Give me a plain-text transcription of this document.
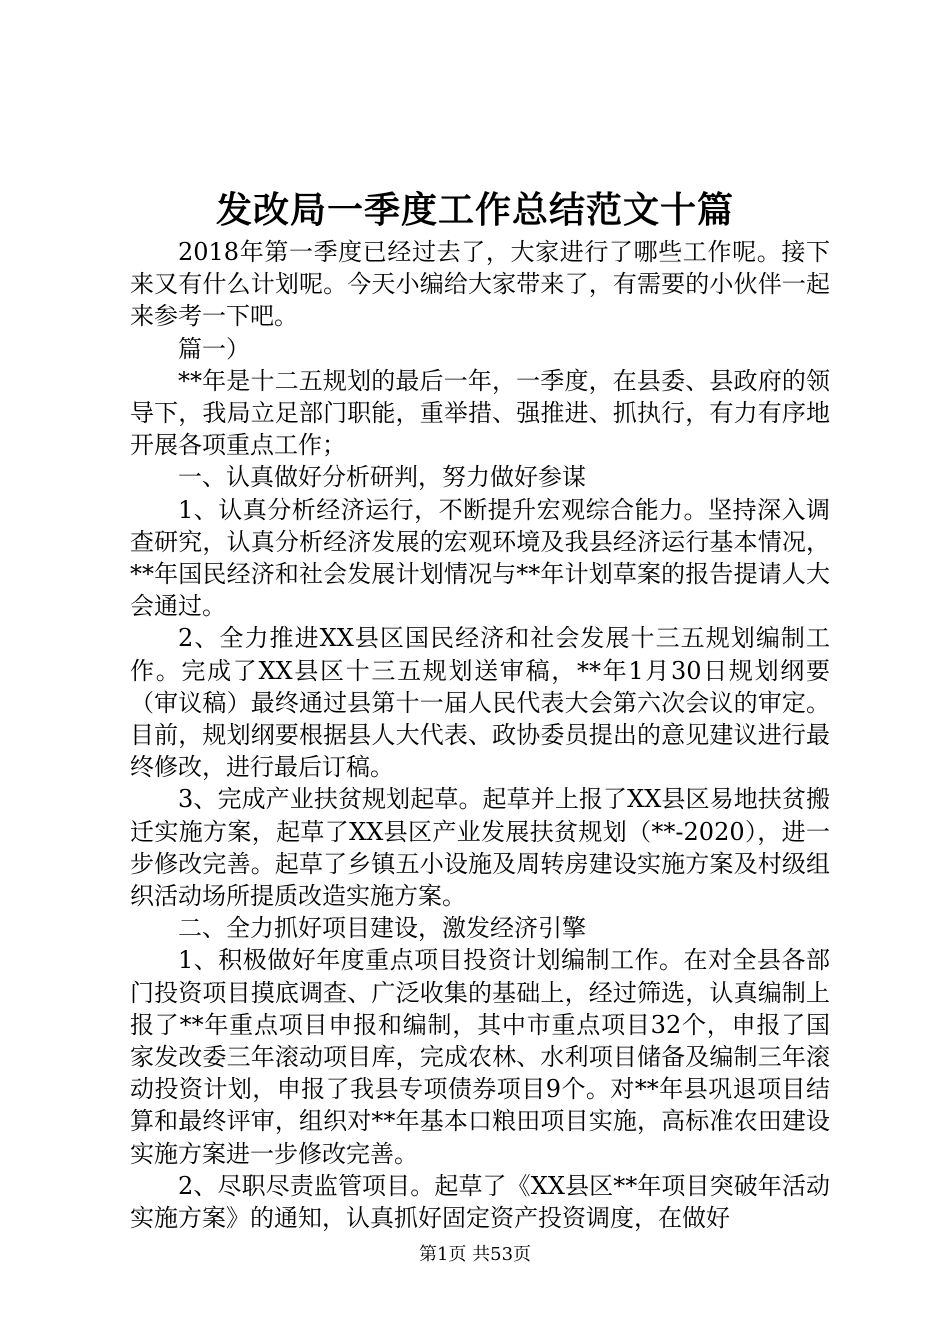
发改局一季度工作总结范文十篇

2018年第一季度已经过去了，大家进行了哪些工作呢。接下来又有什么计划呢。今天小编给大家带来了，有需要的小伙伴一起来参考一下吧。

篇一）

**年是十二五规划的最后一年，一季度，在县委、县政府的领导下，我局立足部门职能，重举措、强推进、抓执行，有力有序地开展各项重点工作；

一、认真做好分析研判，努力做好参谋

1、认真分析经济运行，不断提升宏观综合能力。坚持深入调查研究，认真分析经济发展的宏观环境及我县经济运行基本情况，**年国民经济和社会发展计划情况与**年计划草案的报告提请人大会通过。

2、全力推进XX县区国民经济和社会发展十三五规划编制工作。完成了XX县区十三五规划送审稿，**年1月30日规划纲要（审议稿）最终通过县第十一届人民代表大会第六次会议的审定。目前，规划纲要根据县人大代表、政协委员提出的意见建议进行最终修改，进行最后订稿。

3、完成产业扶贫规划起草。起草并上报了XX县区易地扶贫搬迁实施方案，起草了XX县区产业发展扶贫规划（**-2020），进一步修改完善。起草了乡镇五小设施及周转房建设实施方案及村级组织活动场所提质改造实施方案。

二、全力抓好项目建设，激发经济引擎

1、积极做好年度重点项目投资计划编制工作。在对全县各部门投资项目摸底调查、广泛收集的基础上，经过筛选，认真编制上报了**年重点项目申报和编制，其中市重点项目32个，申报了国家发改委三年滚动项目库，完成农林、水利项目储备及编制三年滚动投资计划，申报了我县专项债券项目9个。对**年县巩退项目结算和最终评审，组织对**年基本口粮田项目实施，高标准农田建设实施方案进一步修改完善。

2、尽职尽责监管项目。起草了《XX县区**年项目突破年活动实施方案》的通知，认真抓好固定资产投资调度，在做好

第1页 共53页
